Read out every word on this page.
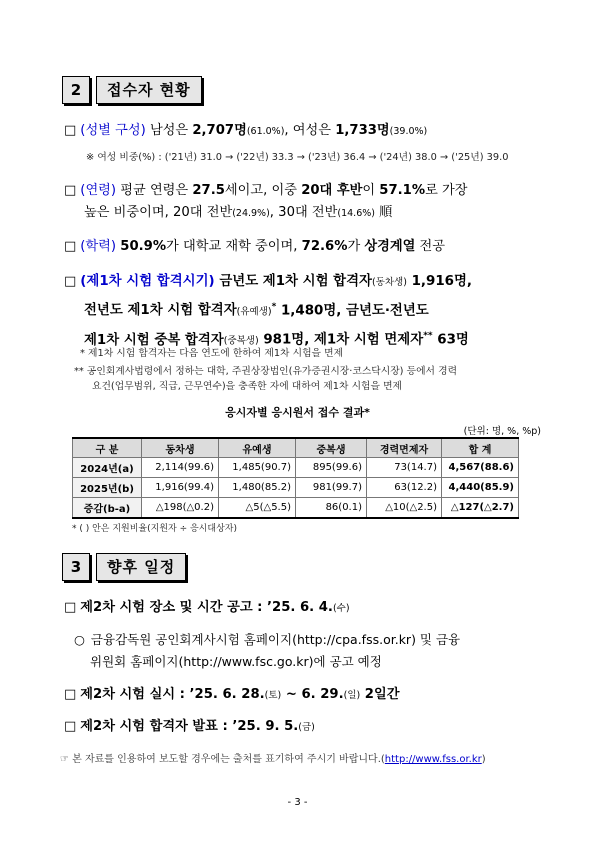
2	접수자 현황
□ (성별 구성) 남성은 2,707명(61.0%), 여성은 1,733명(39.0%)
※ 여성 비중(%) : ('21년) 31.0 → ('22년) 33.3 → ('23년) 36.4 → ('24년) 38.0 → ('25년) 39.0
□ (연령) 평균 연령은 27.5세이고, 이중 20대 후반이 57.1%로 가장
높은 비중이며, 20대 전반(24.9%), 30대 전반(14.6%) 順
□ (학력) 50.9%가 대학교 재학 중이며, 72.6%가 상경계열 전공
□ (제1차 시험 합격시기) 금년도 제1차 시험 합격자(동차생) 1,916명,
전년도 제1차 시험 합격자(유예생)* 1,480명, 금년도·전년도
제1차 시험 중복 합격자(중복생) 981명, 제1차 시험 면제자** 63명
* 제1차 시험 합격자는 다음 연도에 한하여 제1차 시험을 면제
** 공인회계사법령에서 정하는 대학, 주권상장법인(유가증권시장·코스닥시장) 등에서 경력
요건(업무범위, 직급, 근무연수)을 충족한 자에 대하여 제1차 시험을 면제
응시자별 응시원서 접수 결과*
(단위: 명, %, %p)
구 분	동차생	유예생	중복생	경력면제자	합 계
2024년(a)	2,114(99.6)	1,485(90.7)	895(99.6)	73(14.7)	4,567(88.6)
2025년(b)	1,916(99.4)	1,480(85.2)	981(99.7)	63(12.2)	4,440(85.9)
증감(b-a)	△198(△0.2)	△5(△5.5)	86(0.1)	△10(△2.5)	△127(△2.7)
* ( ) 안은 지원비율(지원자 ÷ 응시대상자)
3	향후 일정
□ 제2차 시험 장소 및 시간 공고 : ’25. 6. 4.(수)
○ 금융감독원 공인회계사시험 홈페이지(http://cpa.fss.or.kr) 및 금융
위원회 홈페이지(http://www.fsc.go.kr)에 공고 예정
□ 제2차 시험 실시 : ’25. 6. 28.(토) ~ 6. 29.(일) 2일간
□ 제2차 시험 합격자 발표 : ’25. 9. 5.(금)
☞ 본 자료를 인용하여 보도할 경우에는 출처를 표기하여 주시기 바랍니다.(http://www.fss.or.kr)
- 3 -
